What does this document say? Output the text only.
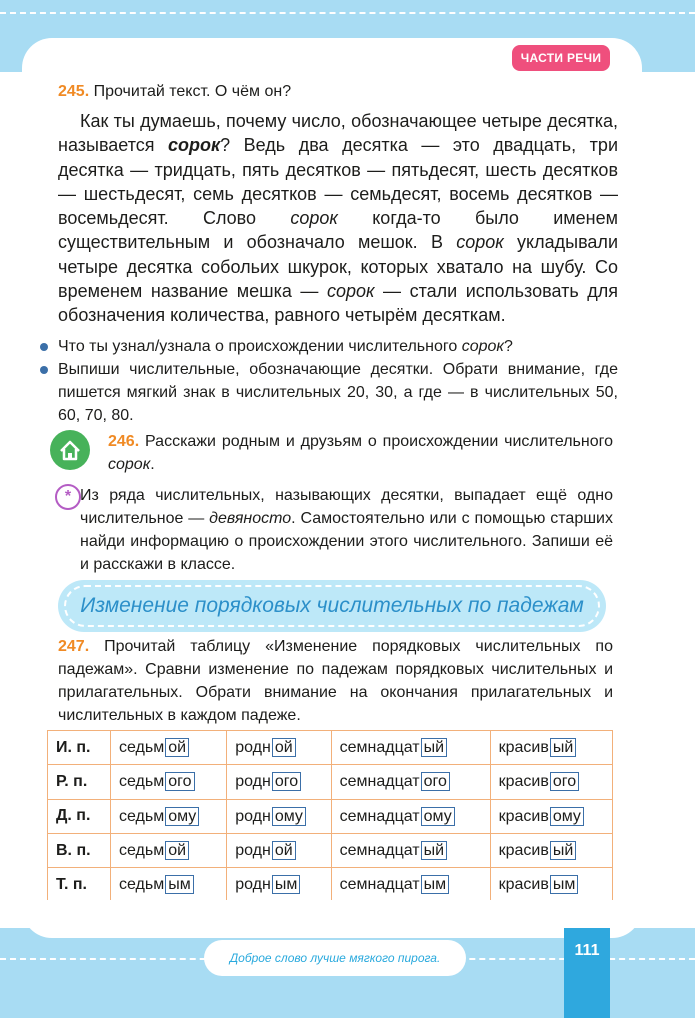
ЧАСТИ РЕЧИ
245. Прочитай текст. О чём он?
Как ты думаешь, почему число, обозначающее четыре десятка, называется сорок? Ведь два десятка — это двадцать, три десятка — тридцать, пять десятков — пятьдесят, шесть десятков — шестьдесят, семь десятков — семьдесят, восемь десятков — восемьдесят. Слово сорок когда-то было именем существительным и обозначало мешок. В сорок укладывали четыре десятка собольих шкурок, которых хватало на шубу. Со временем название мешка — сорок — стали использовать для обозначения количества, равного четырём десяткам.
Что ты узнал/узнала о происхождении числительного сорок?
Выпиши числительные, обозначающие десятки. Обрати внимание, где пишется мягкий знак в числительных 20, 30, а где — в числительных 50, 60, 70, 80.
246. Расскажи родным и друзьям о происхождении числительного сорок.
* Из ряда числительных, называющих десятки, выпадает ещё одно числительное — девяносто. Самостоятельно или с помощью старших найди информацию о происхождении этого числительного. Запиши её и расскажи в классе.
Изменение порядковых числительных по падежам
247. Прочитай таблицу «Изменение порядковых числительных по падежам». Сравни изменение по падежам порядковых числительных и прилагательных. Обрати внимание на окончания прилагательных и числительных в каждом падеже.
И. п.	седьм ой	родн ой	семнадцат ый	красив ый
Р. п.	седьм ого	родн ого	семнадцат ого	красив ого
Д. п.	седьм ому	родн ому	семнадцат ому	красив ому
В. п.	седьм ой	родн ой	семнадцат ый	красив ый
Т. п.	седьм ым	родн ым	семнадцат ым	красив ым

Доброе слово лучше мягкого пирога.	111
